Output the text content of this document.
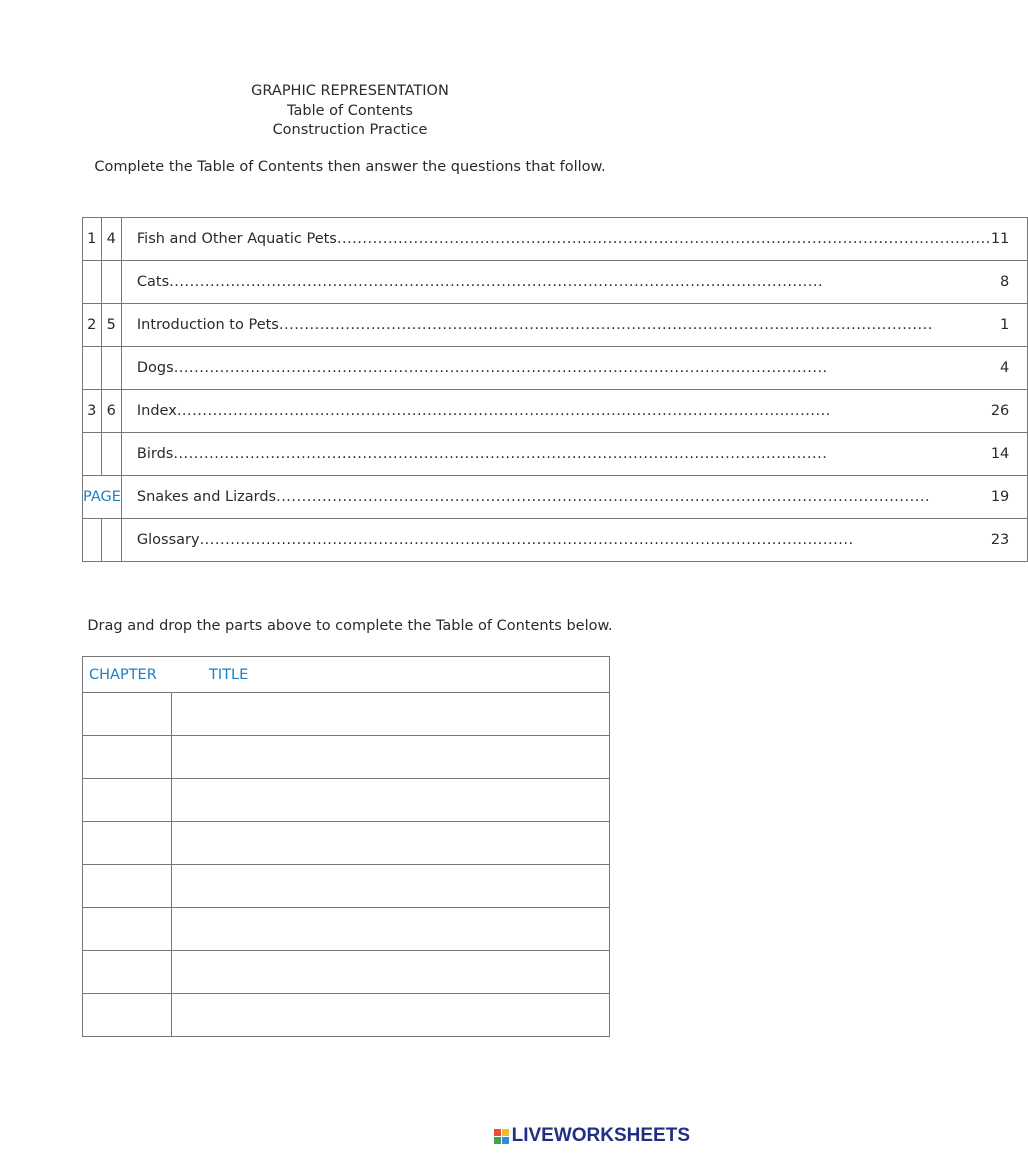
GRAPHIC REPRESENTATION
Table of Contents
Construction Practice
Complete the Table of Contents then answer the questions that follow.
1	4	Fish and Other Aquatic Pets ..... 11

		Cats ..... 8

2	5	Introduction to Pets ..... 1

		Dogs ..... 4

3	6	Index ..... 26

		Birds ..... 14

PAGE		Snakes and Lizards ..... 19

		Glossary ..... 23
Drag and drop the parts above to complete the Table of Contents below.
CHAPTER	TITLE

LIVEWORKSHEETS
